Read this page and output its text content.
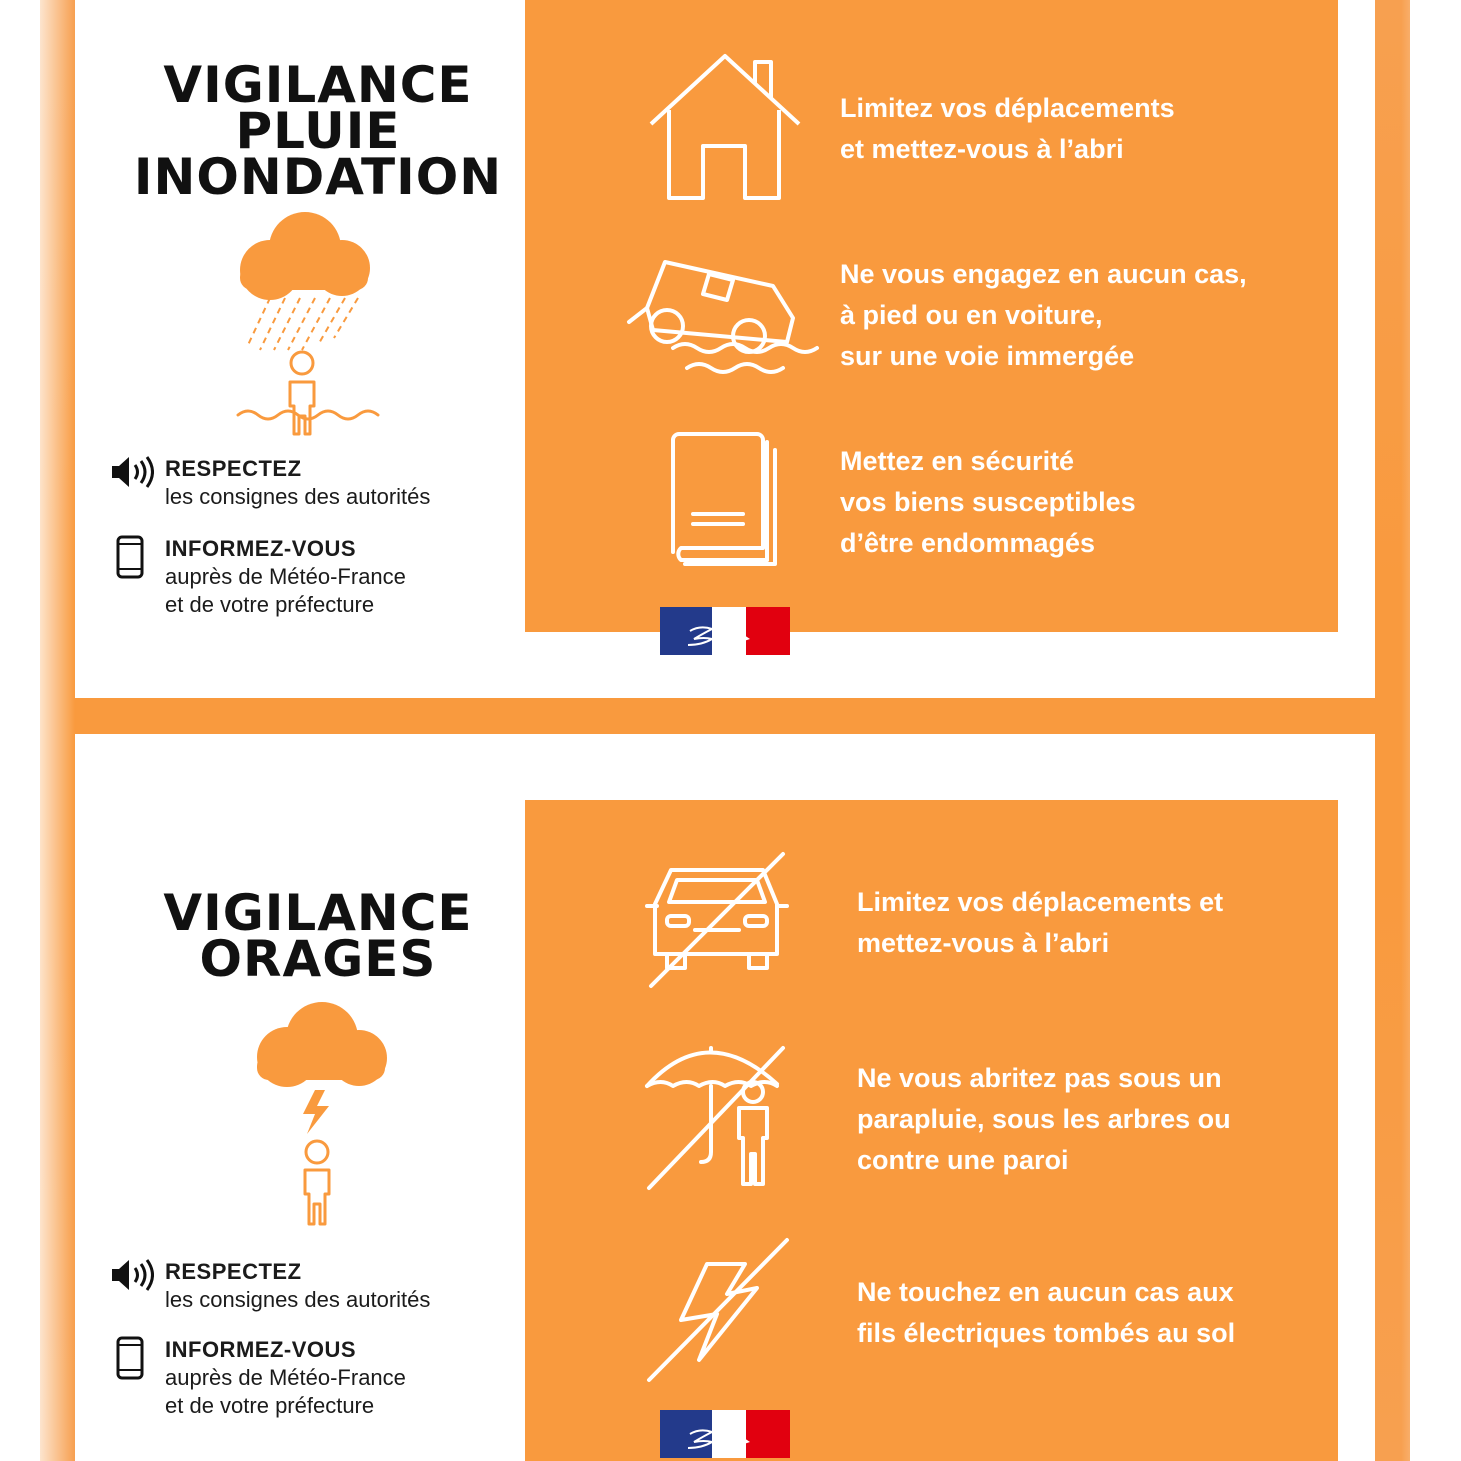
VIGILANCE
PLUIE
INONDATION
RESPECTEZ
les consignes des autorités
INFORMEZ-VOUS
auprès de Météo-France
et de votre préfecture
Limitez vos déplacements
et mettez-vous à l’abri
Ne vous engagez en aucun cas,
à pied ou en voiture,
sur une voie immergée
Mettez en sécurité
vos biens susceptibles
d’être endommagés
VIGILANCE
ORAGES
RESPECTEZ
les consignes des autorités
INFORMEZ-VOUS
auprès de Météo-France
et de votre préfecture
Limitez vos déplacements et
mettez-vous à l’abri
Ne vous abritez pas sous un
parapluie, sous les arbres ou
contre une paroi
Ne touchez en aucun cas aux
fils électriques tombés au sol
